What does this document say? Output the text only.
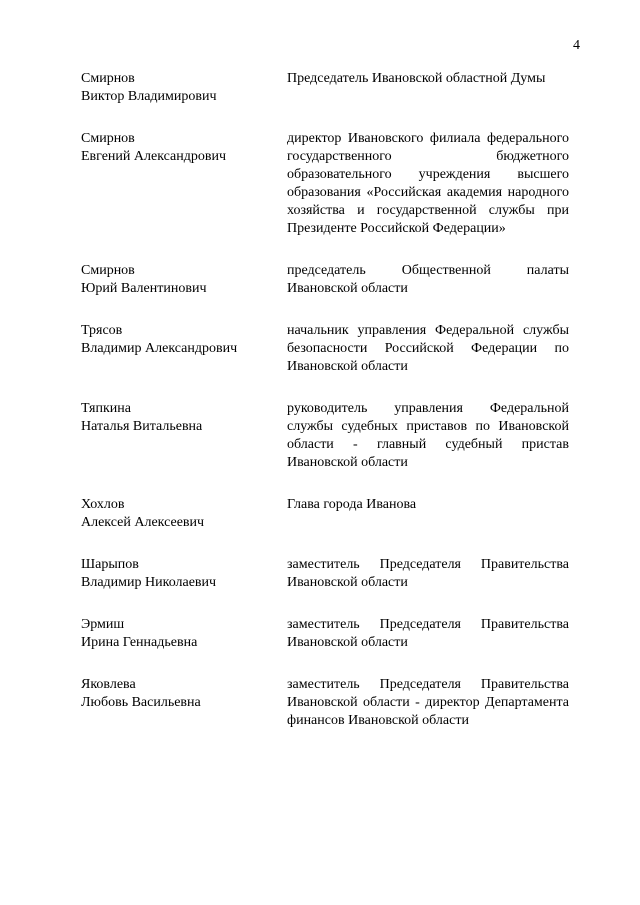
4
Смирнов
Виктор Владимирович
Председатель Ивановской областной Думы
Смирнов
Евгений Александрович
директор Ивановского филиала федерального государственного бюджетного образовательного учреждения высшего образования «Российская академия народного хозяйства и государственной службы при Президенте Российской Федерации»
Смирнов
Юрий Валентинович
председатель Общественной палаты Ивановской области
Трясов
Владимир Александрович
начальник управления Федеральной службы безопасности Российской Федерации по Ивановской области
Тяпкина
Наталья Витальевна
руководитель управления Федеральной службы судебных приставов по Ивановской области - главный судебный пристав Ивановской области
Хохлов
Алексей Алексеевич
Глава города Иванова
Шарыпов
Владимир Николаевич
заместитель Председателя Правительства Ивановской области
Эрмиш
Ирина Геннадьевна
заместитель Председателя Правительства Ивановской области
Яковлева
Любовь Васильевна
заместитель Председателя Правительства Ивановской области - директор Департамента финансов Ивановской области
